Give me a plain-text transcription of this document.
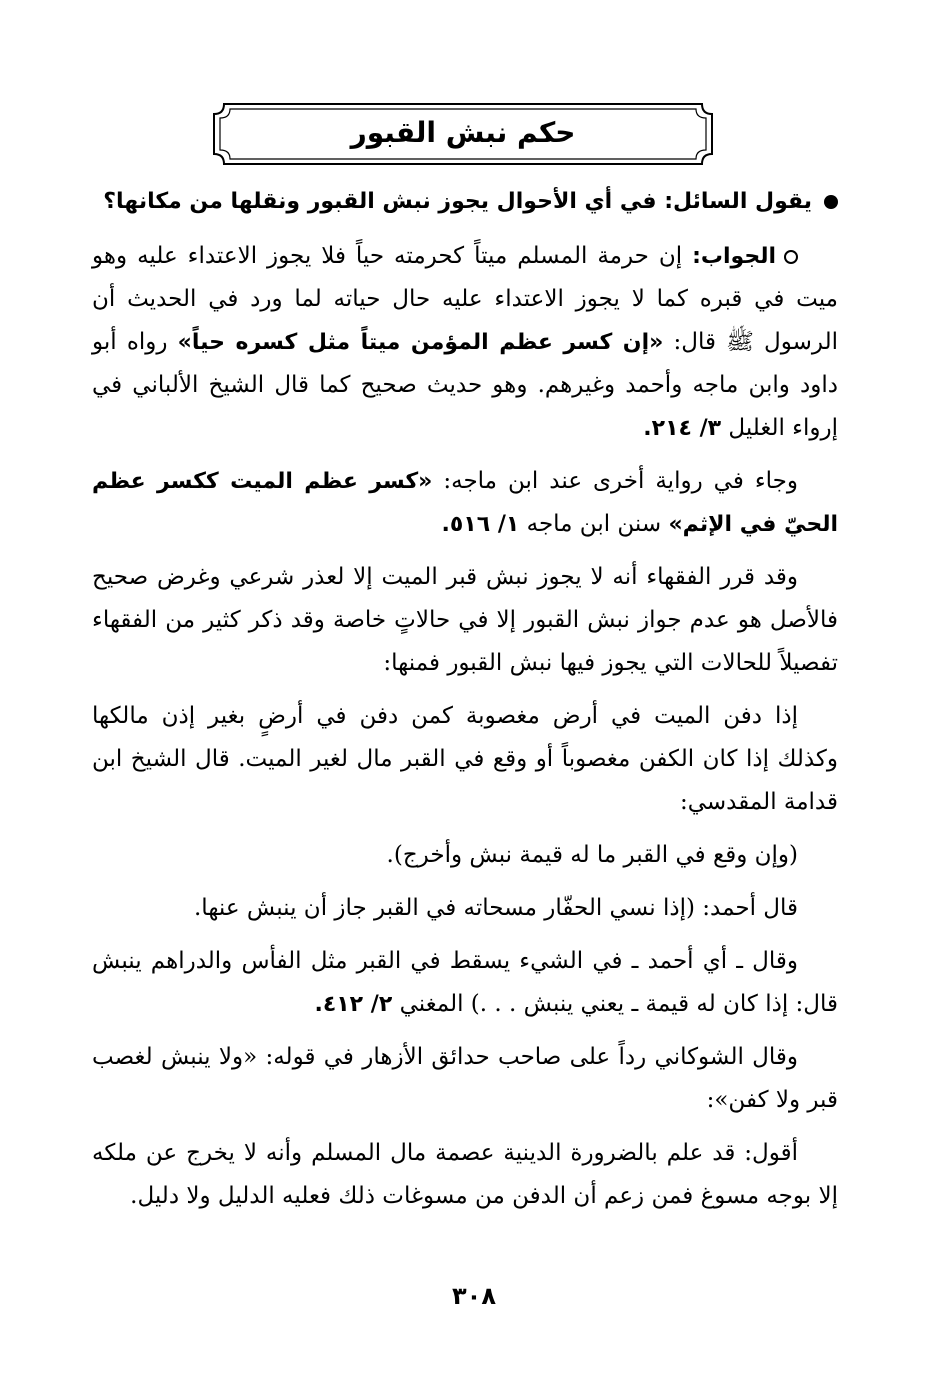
حكم نبش القبور

يقول السائل: في أي الأحوال يجوز نبش القبور ونقلها من مكانها؟

الجواب: إن حرمة المسلم ميتاً كحرمته حياً فلا يجوز الاعتداء عليه وهو ميت في قبره كما لا يجوز الاعتداء عليه حال حياته لما ورد في الحديث أن الرسول ﷺ قال: «إن كسر عظم المؤمن ميتاً مثل كسره حياً» رواه أبو داود وابن ماجه وأحمد وغيرهم. وهو حديث صحيح كما قال الشيخ الألباني في إرواء الغليل ٣/ ٢١٤.

وجاء في رواية أخرى عند ابن ماجه: «كسر عظم الميت ككسر عظم الحيّ في الإثم» سنن ابن ماجه ١/ ٥١٦.

وقد قرر الفقهاء أنه لا يجوز نبش قبر الميت إلا لعذر شرعي وغرض صحيح فالأصل هو عدم جواز نبش القبور إلا في حالاتٍ خاصة وقد ذكر كثير من الفقهاء تفصيلاً للحالات التي يجوز فيها نبش القبور فمنها:

إذا دفن الميت في أرض مغصوبة كمن دفن في أرضٍ بغير إذن مالكها وكذلك إذا كان الكفن مغصوباً أو وقع في القبر مال لغير الميت. قال الشيخ ابن قدامة المقدسي:

(وإن وقع في القبر ما له قيمة نبش وأخرج).

قال أحمد: (إذا نسي الحفّار مسحاته في القبر جاز أن ينبش عنها.

وقال ـ أي أحمد ـ في الشيء يسقط في القبر مثل الفأس والدراهم ينبش قال: إذا كان له قيمة ـ يعني ينبش . . .) المغني ٢/ ٤١٢.

وقال الشوكاني رداً على صاحب حدائق الأزهار في قوله: «ولا ينبش لغصب قبر ولا كفن»:

أقول: قد علم بالضرورة الدينية عصمة مال المسلم وأنه لا يخرج عن ملكه إلا بوجه مسوغ فمن زعم أن الدفن من مسوغات ذلك فعليه الدليل ولا دليل.

٣٠٨
